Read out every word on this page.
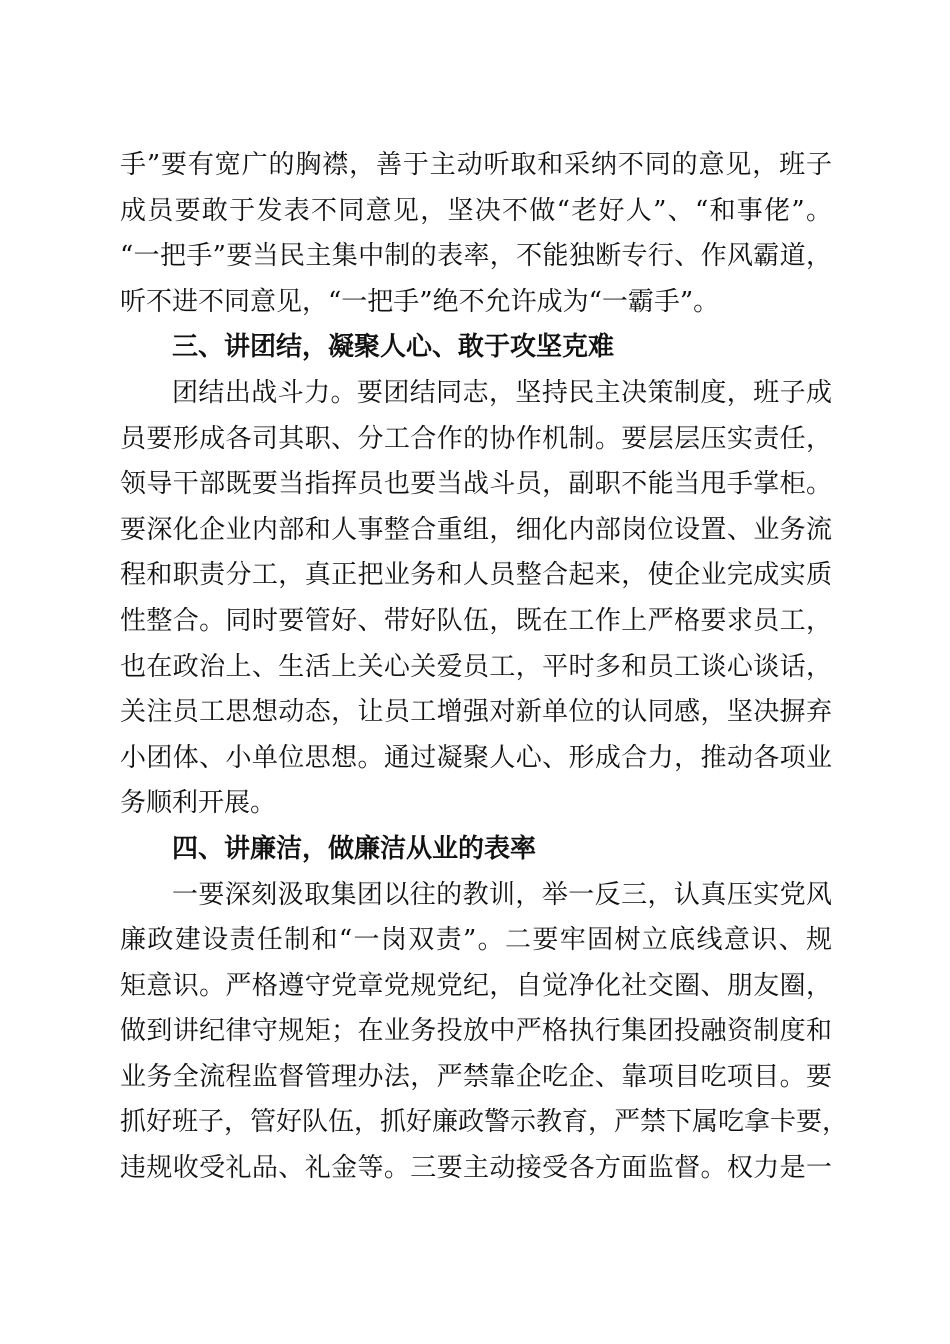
手”要有宽广的胸襟，善于主动听取和采纳不同的意见，班子
成员要敢于发表不同意见，坚决不做“老好人”、“和事佬”。
“一把手”要当民主集中制的表率，不能独断专行、作风霸道，
听不进不同意见，“一把手”绝不允许成为“一霸手”。
三、讲团结，凝聚人心、敢于攻坚克难
团结出战斗力。要团结同志，坚持民主决策制度，班子成
员要形成各司其职、分工合作的协作机制。要层层压实责任，
领导干部既要当指挥员也要当战斗员，副职不能当甩手掌柜。
要深化企业内部和人事整合重组，细化内部岗位设置、业务流
程和职责分工，真正把业务和人员整合起来，使企业完成实质
性整合。同时要管好、带好队伍，既在工作上严格要求员工，
也在政治上、生活上关心关爱员工，平时多和员工谈心谈话，
关注员工思想动态，让员工增强对新单位的认同感，坚决摒弃
小团体、小单位思想。通过凝聚人心、形成合力，推动各项业
务顺利开展。
四、讲廉洁，做廉洁从业的表率
一要深刻汲取集团以往的教训，举一反三，认真压实党风
廉政建设责任制和“一岗双责”。二要牢固树立底线意识、规
矩意识。严格遵守党章党规党纪，自觉净化社交圈、朋友圈，
做到讲纪律守规矩；在业务投放中严格执行集团投融资制度和
业务全流程监督管理办法，严禁靠企吃企、靠项目吃项目。要
抓好班子，管好队伍，抓好廉政警示教育，严禁下属吃拿卡要，
违规收受礼品、礼金等。三要主动接受各方面监督。权力是一
